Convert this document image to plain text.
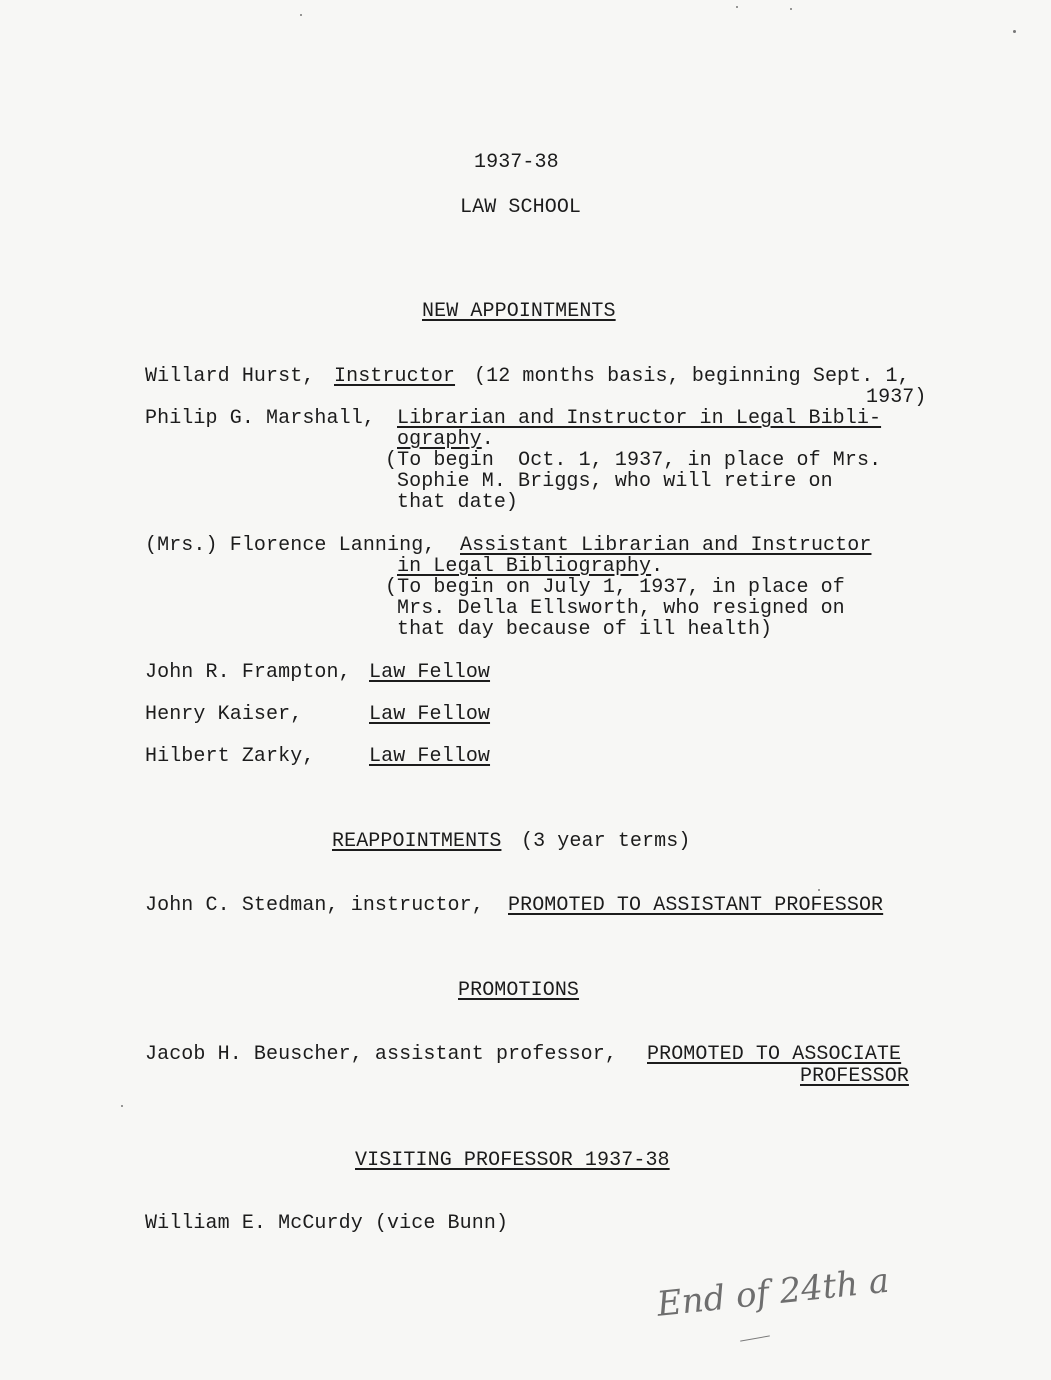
1937-38
LAW SCHOOL
NEW APPOINTMENTS
Willard Hurst, Instructor (12 months basis, beginning Sept. 1,
1937)
Philip G. Marshall, Librarian and Instructor in Legal Bibli-
ography.
(To begin  Oct. 1, 1937, in place of Mrs.
Sophie M. Briggs, who will retire on
that date)
(Mrs.) Florence Lanning, Assistant Librarian and Instructor
in Legal Bibliography.
(To begin on July 1, 1937, in place of
Mrs. Della Ellsworth, who resigned on
that day because of ill health)
John R. Frampton, Law Fellow
Henry Kaiser,	Law Fellow
Hilbert Zarky,	Law Fellow
REAPPOINTMENTS (3 year terms)
John C. Stedman, instructor, PROMOTED TO ASSISTANT PROFESSOR
PROMOTIONS
Jacob H. Beuscher, assistant professor, PROMOTED TO ASSOCIATE
PROFESSOR
VISITING PROFESSOR 1937-38
William E. McCurdy (vice Bunn)
End of 24th a
